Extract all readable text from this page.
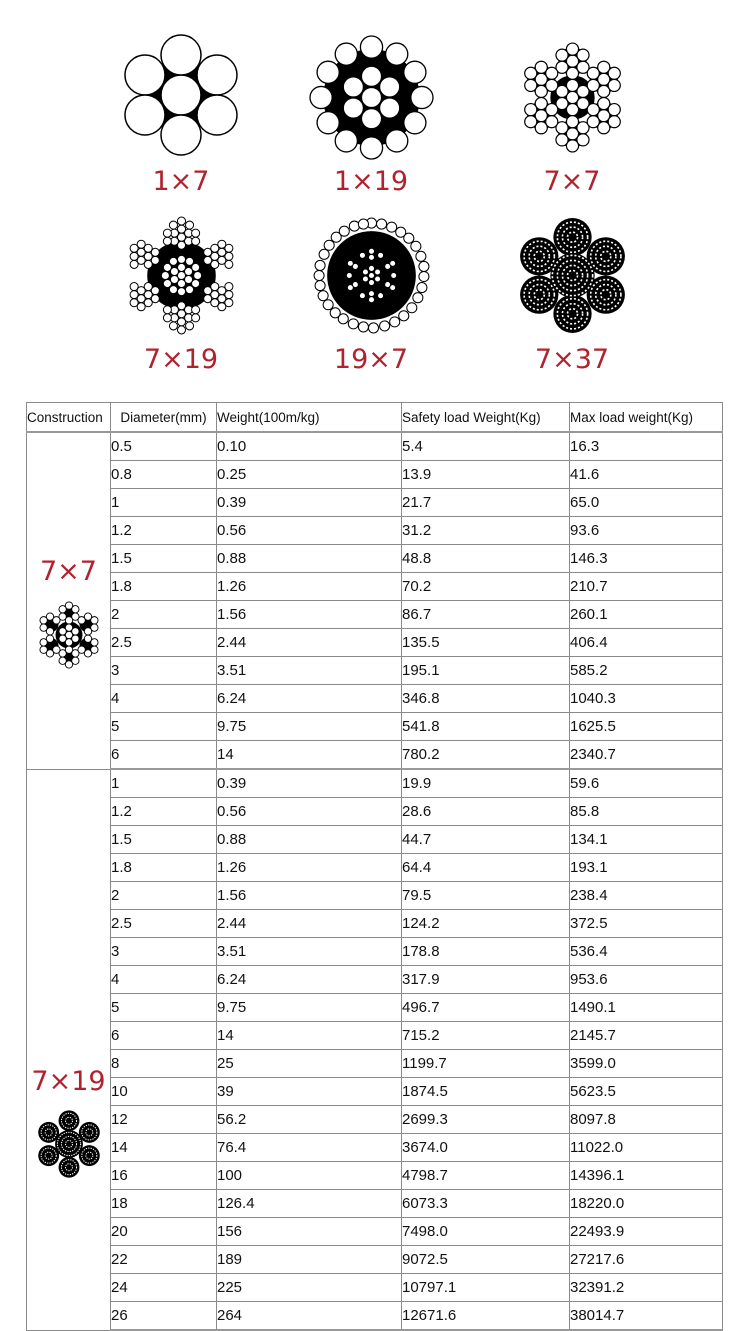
1×7	1×19	7×7
7×19	19×7	7×37
Construction	Diameter(mm)	Weight(100m/kg)	Safety load Weight(Kg)	Max load weight(Kg)

7×7	0.5	0.10	5.4	16.3
	0.8	0.25	13.9	41.6
	1	0.39	21.7	65.0
	1.2	0.56	31.2	93.6
	1.5	0.88	48.8	146.3
	1.8	1.26	70.2	210.7
	2	1.56	86.7	260.1
	2.5	2.44	135.5	406.4
	3	3.51	195.1	585.2
	4	6.24	346.8	1040.3
	5	9.75	541.8	1625.5
	6	14	780.2	2340.7

7×19	1	0.39	19.9	59.6
	1.2	0.56	28.6	85.8
	1.5	0.88	44.7	134.1
	1.8	1.26	64.4	193.1
	2	1.56	79.5	238.4
	2.5	2.44	124.2	372.5
	3	3.51	178.8	536.4
	4	6.24	317.9	953.6
	5	9.75	496.7	1490.1
	6	14	715.2	2145.7
	8	25	1199.7	3599.0
	10	39	1874.5	5623.5
	12	56.2	2699.3	8097.8
	14	76.4	3674.0	11022.0
	16	100	4798.7	14396.1
	18	126.4	6073.3	18220.0
	20	156	7498.0	22493.9
	22	189	9072.5	27217.6
	24	225	10797.1	32391.2
	26	264	12671.6	38014.7
